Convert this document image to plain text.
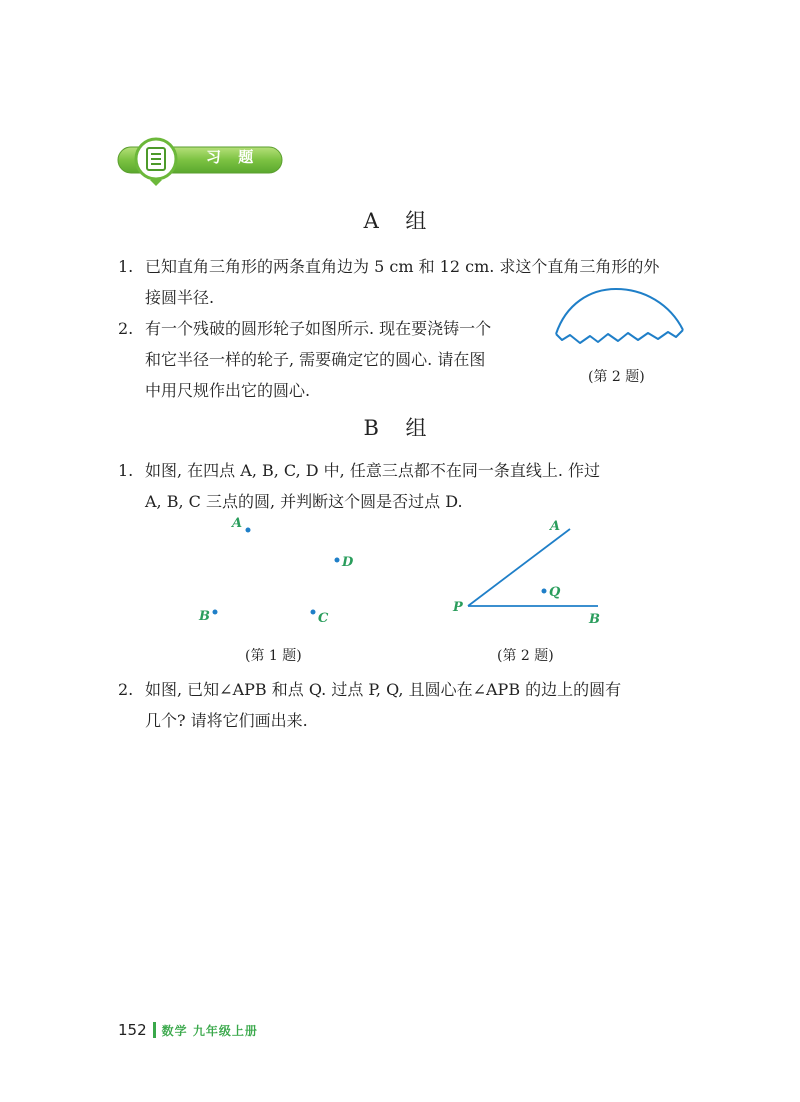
习 题
A 组
1. 已知直角三角形的两条直角边为 5 cm 和 12 cm. 求这个直角三角形的外
接圆半径.
2. 有一个残破的圆形轮子如图所示. 现在要浇铸一个
和它半径一样的轮子, 需要确定它的圆心. 请在图
中用尺规作出它的圆心.
(第 2 题)
B 组
1. 如图, 在四点 A, B, C, D 中, 任意三点都不在同一条直线上. 作过
A, B, C 三点的圆, 并判断这个圆是否过点 D.
A
D
B	C
(第 1 题)
A
P
B
Q
(第 2 题)
2. 如图, 已知∠APB 和点 Q. 过点 P, Q, 且圆心在∠APB 的边上的圆有
几个? 请将它们画出来.
152 数学 九年级上册
